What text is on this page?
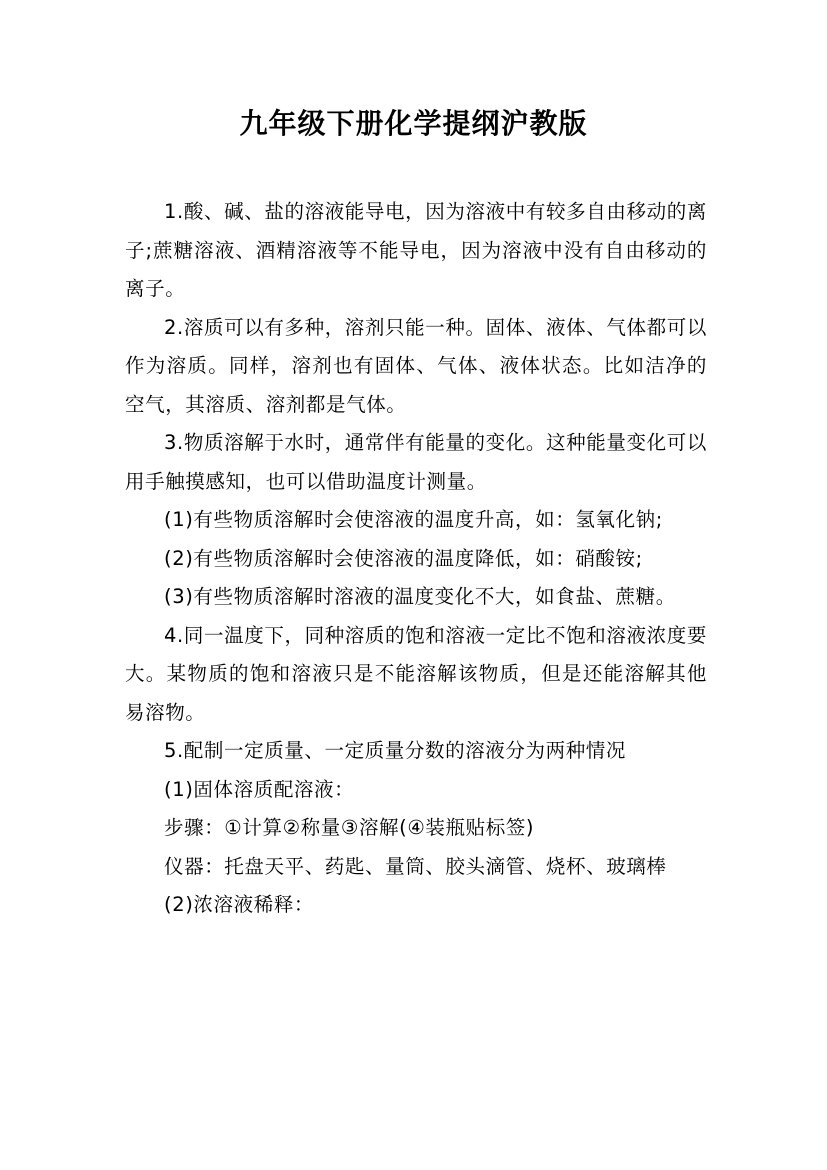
九年级下册化学提纲沪教版

1.酸、碱、盐的溶液能导电，因为溶液中有较多自由移动的离子;蔗糖溶液、酒精溶液等不能导电，因为溶液中没有自由移动的离子。

2.溶质可以有多种，溶剂只能一种。固体、液体、气体都可以作为溶质。同样，溶剂也有固体、气体、液体状态。比如洁净的空气，其溶质、溶剂都是气体。

3.物质溶解于水时，通常伴有能量的变化。这种能量变化可以用手触摸感知，也可以借助温度计测量。

(1)有些物质溶解时会使溶液的温度升高，如：氢氧化钠;

(2)有些物质溶解时会使溶液的温度降低，如：硝酸铵;

(3)有些物质溶解时溶液的温度变化不大，如食盐、蔗糖。

4.同一温度下，同种溶质的饱和溶液一定比不饱和溶液浓度要大。某物质的饱和溶液只是不能溶解该物质，但是还能溶解其他易溶物。

5.配制一定质量、一定质量分数的溶液分为两种情况

(1)固体溶质配溶液：

步骤：①计算②称量③溶解(④装瓶贴标签)

仪器：托盘天平、药匙、量筒、胶头滴管、烧杯、玻璃棒

(2)浓溶液稀释：
